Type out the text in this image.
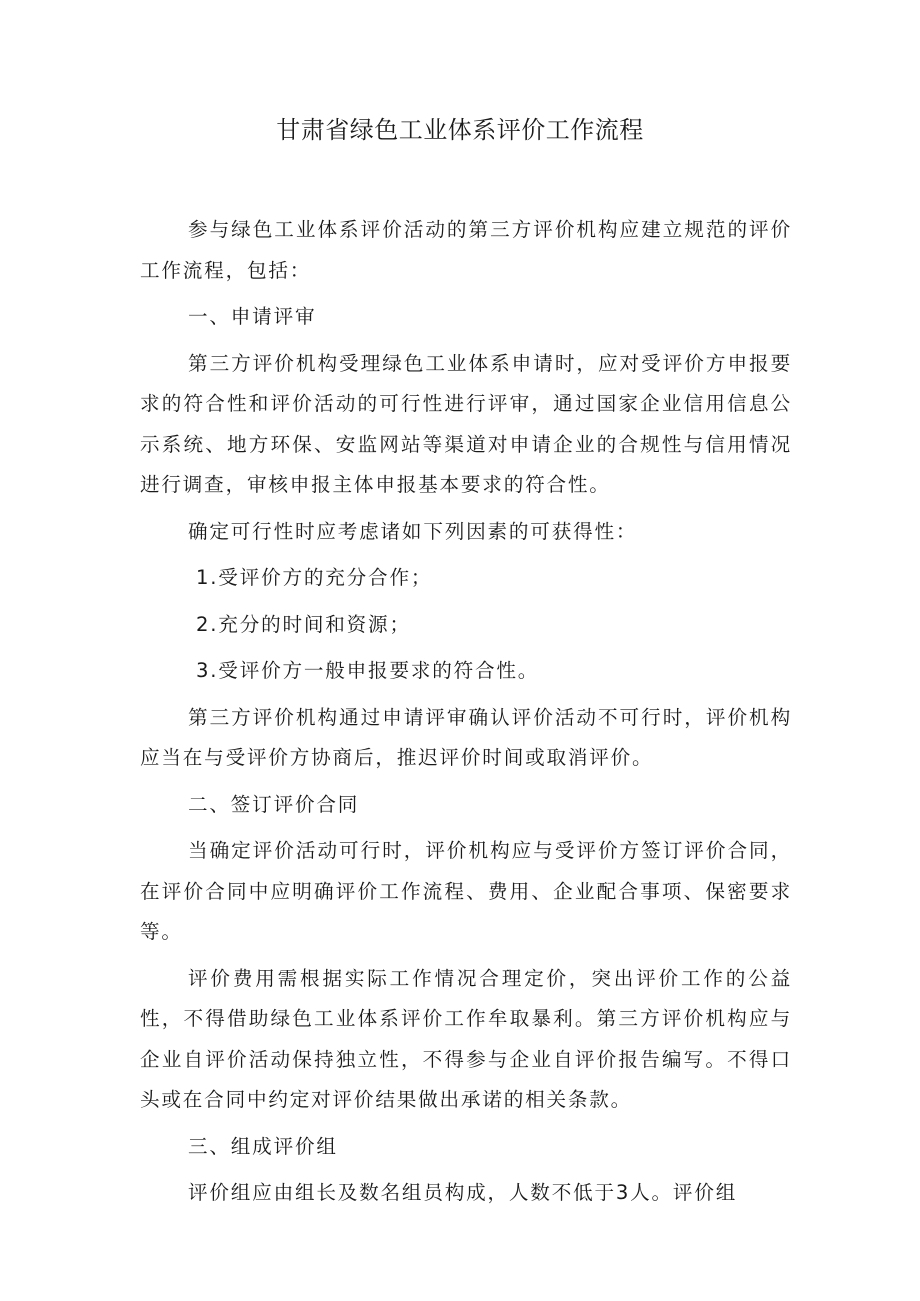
甘肃省绿色工业体系评价工作流程

参与绿色工业体系评价活动的第三方评价机构应建立规范的评价工作流程，包括：

一、申请评审

第三方评价机构受理绿色工业体系申请时，应对受评价方申报要求的符合性和评价活动的可行性进行评审，通过国家企业信用信息公示系统、地方环保、安监网站等渠道对申请企业的合规性与信用情况进行调查，审核申报主体申报基本要求的符合性。

确定可行性时应考虑诸如下列因素的可获得性：

1.受评价方的充分合作；

2.充分的时间和资源；

3.受评价方一般申报要求的符合性。

第三方评价机构通过申请评审确认评价活动不可行时，评价机构应当在与受评价方协商后，推迟评价时间或取消评价。

二、签订评价合同

当确定评价活动可行时，评价机构应与受评价方签订评价合同，在评价合同中应明确评价工作流程、费用、企业配合事项、保密要求等。

评价费用需根据实际工作情况合理定价，突出评价工作的公益性，不得借助绿色工业体系评价工作牟取暴利。第三方评价机构应与企业自评价活动保持独立性，不得参与企业自评价报告编写。不得口头或在合同中约定对评价结果做出承诺的相关条款。

三、组成评价组

评价组应由组长及数名组员构成，人数不低于3人。评价组
